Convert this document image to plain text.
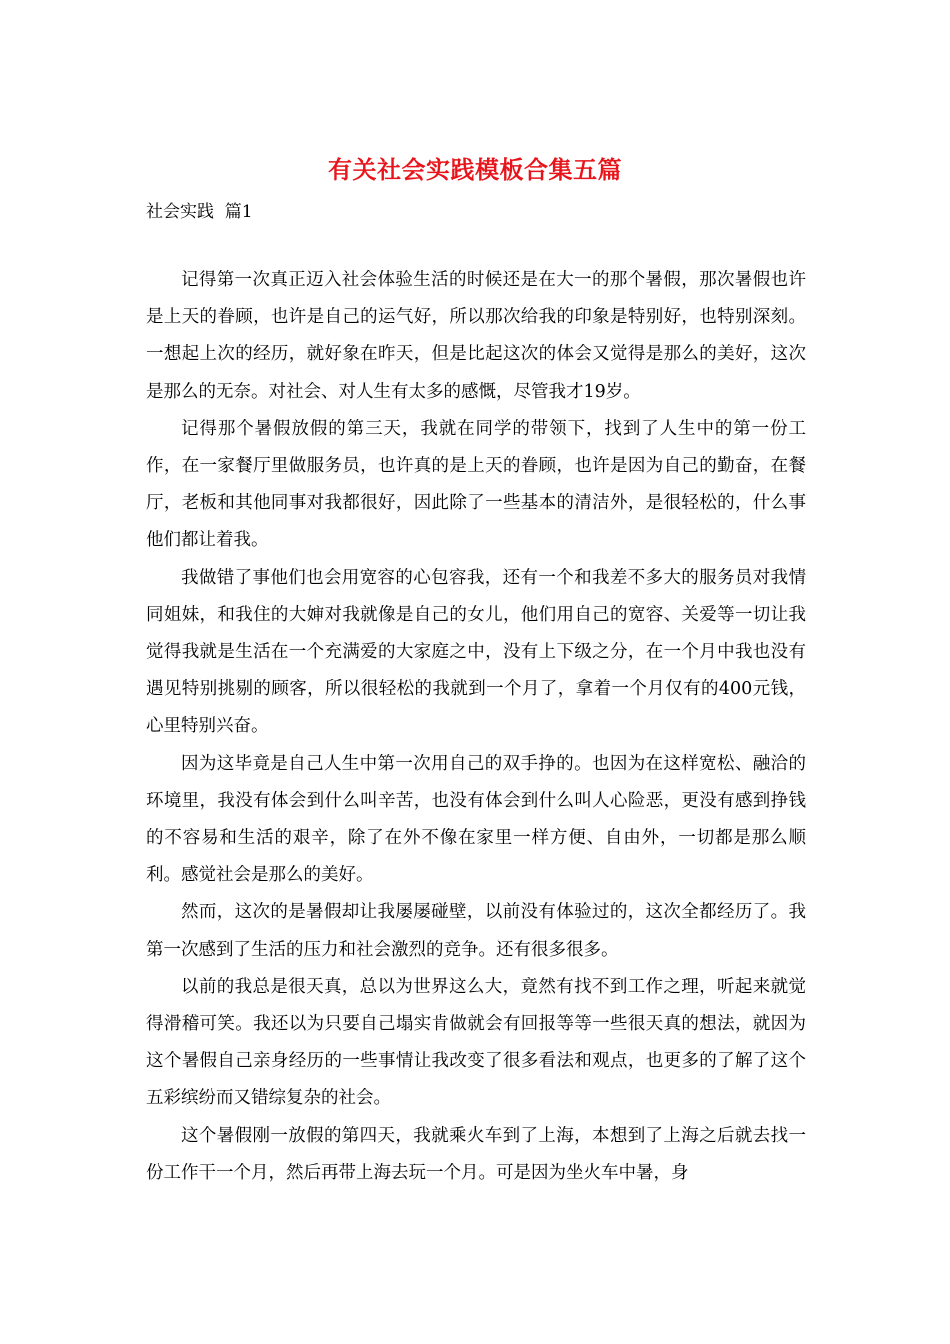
有关社会实践模板合集五篇
社会实践  篇1

记得第一次真正迈入社会体验生活的时候还是在大一的那个暑假，那次暑假也许是上天的眷顾，也许是自己的运气好，所以那次给我的印象是特别好，也特别深刻。一想起上次的经历，就好象在昨天，但是比起这次的体会又觉得是那么的美好，这次是那么的无奈。对社会、对人生有太多的感慨，尽管我才19岁。

记得那个暑假放假的第三天，我就在同学的带领下，找到了人生中的第一份工作，在一家餐厅里做服务员，也许真的是上天的眷顾，也许是因为自己的勤奋，在餐厅，老板和其他同事对我都很好，因此除了一些基本的清洁外，是很轻松的，什么事他们都让着我。

我做错了事他们也会用宽容的心包容我，还有一个和我差不多大的服务员对我情同姐妹，和我住的大婶对我就像是自己的女儿，他们用自己的宽容、关爱等一切让我觉得我就是生活在一个充满爱的大家庭之中，没有上下级之分，在一个月中我也没有遇见特别挑剔的顾客，所以很轻松的我就到一个月了，拿着一个月仅有的400元钱，心里特别兴奋。

因为这毕竟是自己人生中第一次用自己的双手挣的。也因为在这样宽松、融洽的环境里，我没有体会到什么叫辛苦，也没有体会到什么叫人心险恶，更没有感到挣钱的不容易和生活的艰辛，除了在外不像在家里一样方便、自由外，一切都是那么顺利。感觉社会是那么的美好。

然而，这次的是暑假却让我屡屡碰壁，以前没有体验过的，这次全都经历了。我第一次感到了生活的压力和社会激烈的竞争。还有很多很多。

以前的我总是很天真，总以为世界这么大，竟然有找不到工作之理，听起来就觉得滑稽可笑。我还以为只要自己塌实肯做就会有回报等等一些很天真的想法，就因为这个暑假自己亲身经历的一些事情让我改变了很多看法和观点，也更多的了解了这个五彩缤纷而又错综复杂的社会。

这个暑假刚一放假的第四天，我就乘火车到了上海，本想到了上海之后就去找一份工作干一个月，然后再带上海去玩一个月。可是因为坐火车中暑，身
